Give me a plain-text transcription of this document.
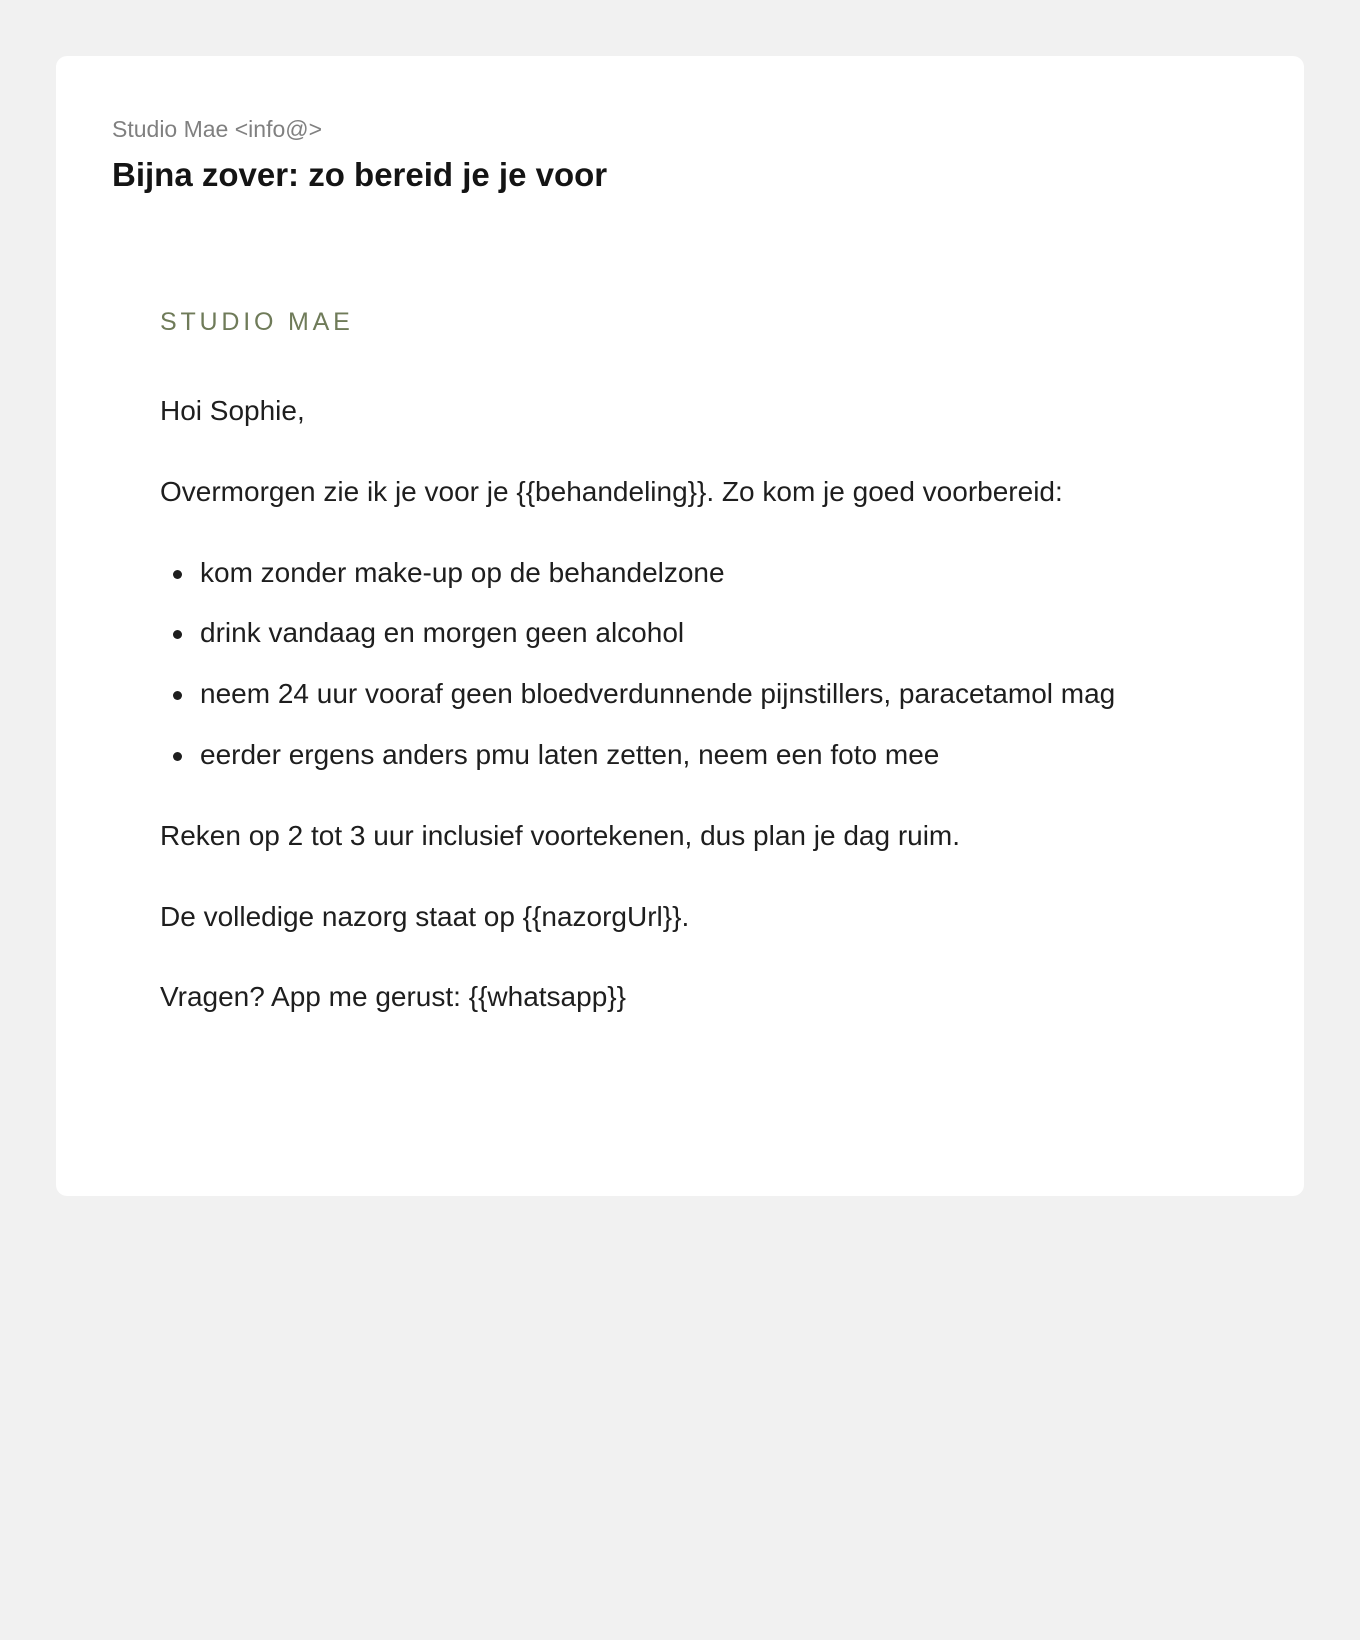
Studio Mae <info@>
Bijna zover: zo bereid je je voor

STUDIO MAE

Hoi Sophie,

Overmorgen zie ik je voor je {{behandeling}}. Zo kom je goed voorbereid:

kom zonder make-up op de behandelzone
drink vandaag en morgen geen alcohol
neem 24 uur vooraf geen bloedverdunnende pijnstillers, paracetamol mag
eerder ergens anders pmu laten zetten, neem een foto mee

Reken op 2 tot 3 uur inclusief voortekenen, dus plan je dag ruim.

De volledige nazorg staat op {{nazorgUrl}}.

Vragen? App me gerust: {{whatsapp}}
